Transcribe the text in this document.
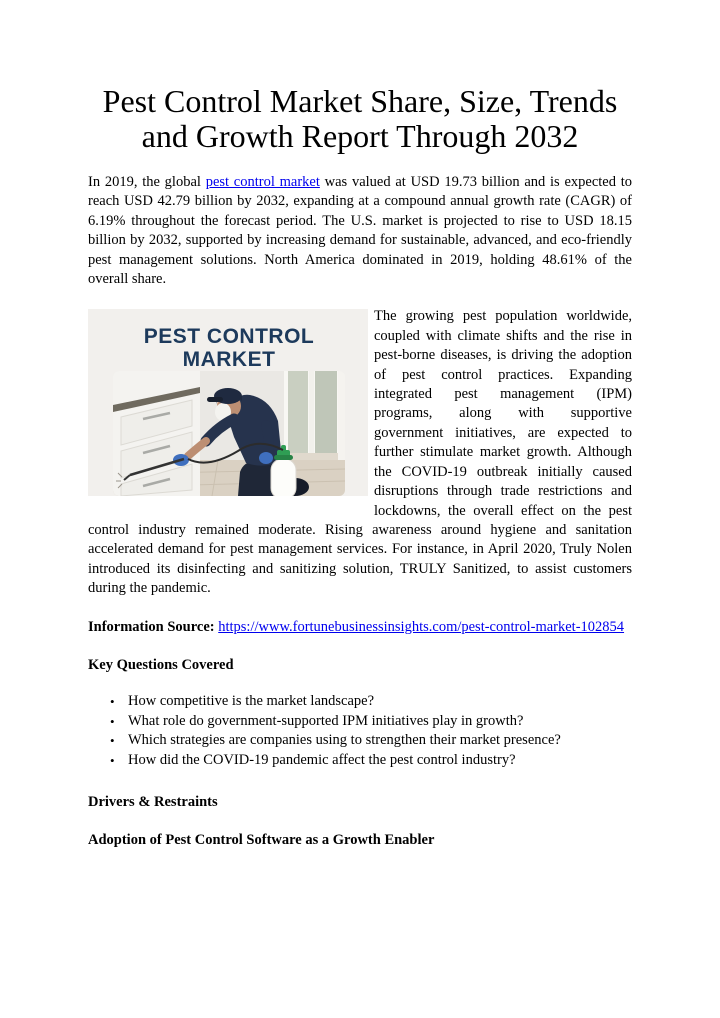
Pest Control Market Share, Size, Trends
and Growth Report Through 2032

In 2019, the global pest control market was valued at USD 19.73 billion and is expected to reach USD 42.79 billion by 2032, expanding at a compound annual growth rate (CAGR) of 6.19% throughout the forecast period. The U.S. market is projected to rise to USD 18.15 billion by 2032, supported by increasing demand for sustainable, advanced, and eco-friendly pest management solutions. North America dominated in 2019, holding 48.61% of the overall share.

PEST CONTROL
MARKET

The growing pest population worldwide, coupled with climate shifts and the rise in pest-borne diseases, is driving the adoption of pest control practices. Expanding integrated pest management (IPM) programs, along with supportive government initiatives, are expected to further stimulate market growth. Although the COVID-19 outbreak initially caused disruptions through trade restrictions and lockdowns, the overall effect on the pest control industry remained moderate. Rising awareness around hygiene and sanitation accelerated demand for pest management services. For instance, in April 2020, Truly Nolen introduced its disinfecting and sanitizing solution, TRULY Sanitized, to assist customers during the pandemic.

Information Source: https://www.fortunebusinessinsights.com/pest-control-market-102854

Key Questions Covered
• How competitive is the market landscape?
• What role do government-supported IPM initiatives play in growth?
• Which strategies are companies using to strengthen their market presence?
• How did the COVID-19 pandemic affect the pest control industry?
Drivers & Restraints
Adoption of Pest Control Software as a Growth Enabler
